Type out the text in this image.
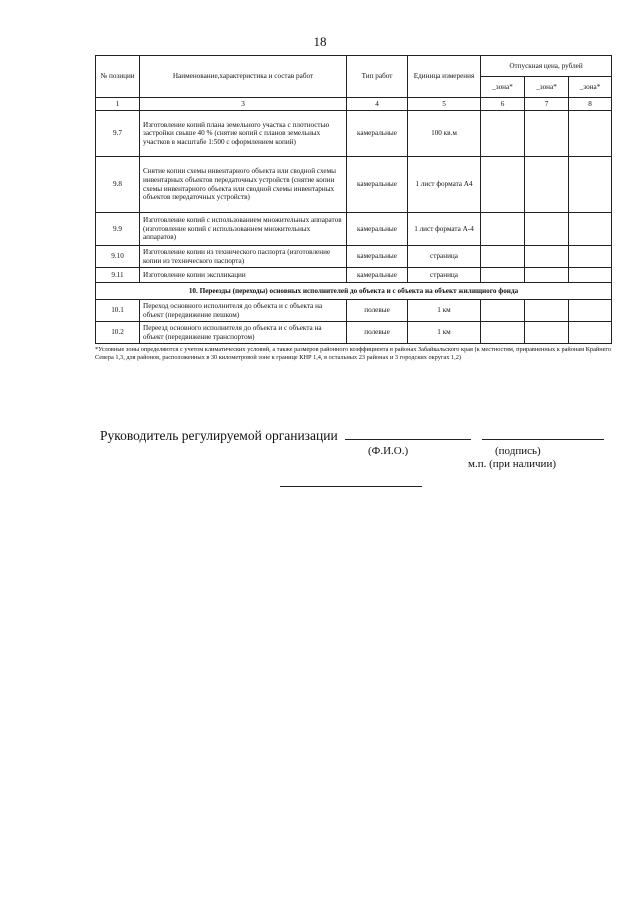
18
№ позиции	Наименование,характеристика и состав работ	Тип работ	Единица измерения	Отпускная цена, рублей		
				_зона*	_зона*	_зона*
1	3	4	5	6	7	8
9.7	Изготовление копий плана земельного участка с плотностью застройки свыше 40 % (снятие копий с планов земельных участков в масштабе 1:500 с оформлением копий)	камеральные	100 кв.м			
9.8	Снятие копии схемы инвентарного объекта или сводной схемы инвентарных объектов передаточных устройств (снятие копии схемы инвентарного объекта или сводной схемы инвентарных объектов передаточных устройств)	камеральные	1 лист формата А4			
9.9	Изготовление копий с использованием множительных аппаратов (изготовление копий с использованием множительных аппаратов)	камеральные	1 лист формата А-4			
9.10	Изготовление копии из технического паспорта (изготовление копии из технического паспорта)	камеральные	страница			
9.11	Изготовление копии экспликации	камеральные	страница			
10. Переезды (переходы) основных исполнителей до объекта и с объекта на объект жилищного фонда						
10.1	Переход основного исполнителя до объекта и с объекта на объект (передвижение пешком)	полевые	1 км			
10.2	Переезд основного исполнителя до объекта и с объекта на объект (передвижение транспортом)	полевые	1 км			
*Условные зоны определяются с учетом климатических условий, а также размеров районного коэффициента в районах Забайкальского края (к местностям, приравненных к районам Крайнего Севера 1,3, для районов, расположенных в 30 километровой зоне к границе КНР 1,4, в остальных 23 районах и 3 городских округах 1,2)
Руководитель регулируемой организации
(Ф.И.О.)	(подпись)
м.п. (при наличии)
